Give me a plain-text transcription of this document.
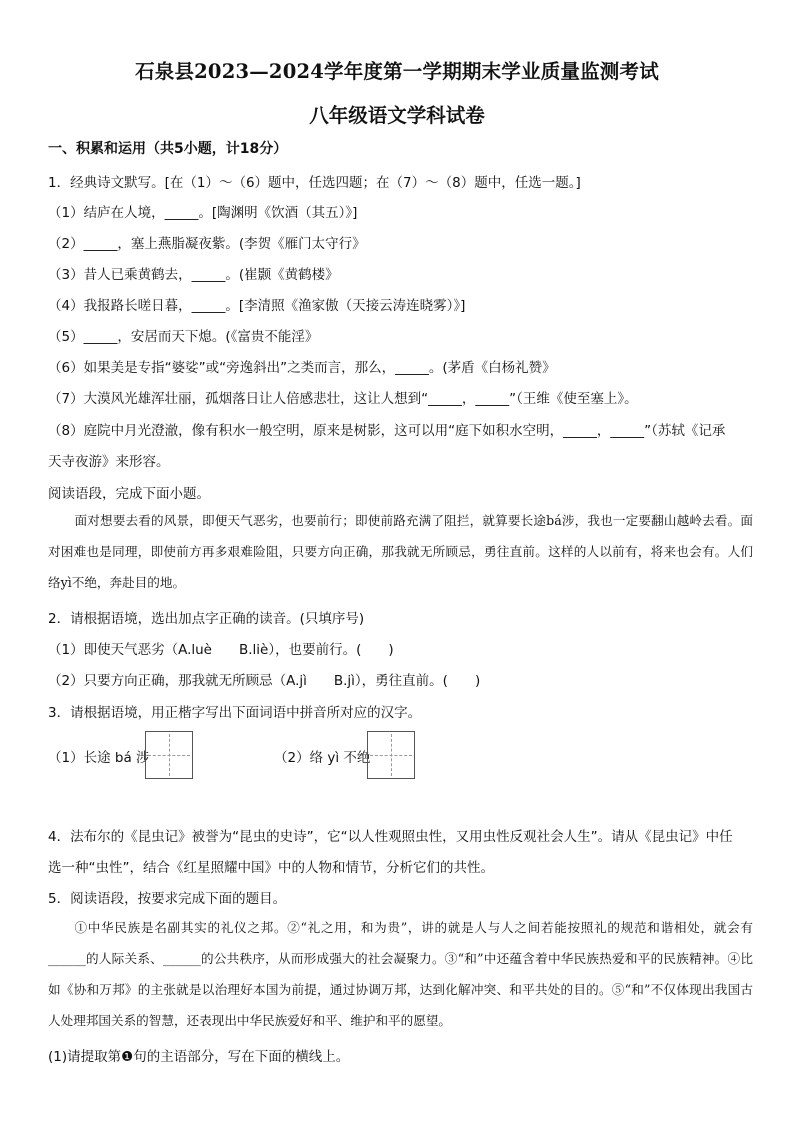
石泉县2023—2024学年度第一学期期末学业质量监测考试
八年级语文学科试卷
一、积累和运用（共5小题，计18分）
1．经典诗文默写。[在（1）～（6）题中，任选四题；在（7）～（8）题中，任选一题。]
（1）结庐在人境，_____。[陶渊明《饮酒（其五）》]
（2）_____，塞上燕脂凝夜紫。(李贺《雁门太守行》
（3）昔人已乘黄鹤去，_____。(崔颢《黄鹤楼》
（4）我报路长嗟日暮，_____。[李清照《渔家傲（天接云涛连晓雾）》]
（5）_____，安居而天下熄。(《富贵不能淫》
（6）如果美是专指“婆娑”或“旁逸斜出”之类而言，那么，_____。(茅盾《白杨礼赞》
（7）大漠风光雄浑壮丽，孤烟落日让人倍感悲壮，这让人想到“_____，_____”（王维《使至塞上》。
（8）庭院中月光澄澈，像有积水一般空明，原来是树影，这可以用“庭下如积水空明，_____，_____”（苏轼《记承
天寺夜游》来形容。
阅读语段，完成下面小题。
面对想要去看的风景，即便天气恶劣，也要前行；即使前路充满了阻拦，就算要长途bá涉，我也一定要翻山越岭去看。面对困难也是同理，即使前方再多艰难险阻，只要方向正确，那我就无所顾忌，勇往直前。这样的人以前有，将来也会有。人们络yì不绝，奔赴目的地。
2．请根据语境，选出加点字正确的读音。(只填序号)
（1）即使天气恶劣（A.luè　　B.liè），也要前行。(　　)
（2）只要方向正确，那我就无所顾忌（A.jì　　B.jì），勇往直前。(　　)
3．请根据语境，用正楷字写出下面词语中拼音所对应的汉字。
（1）长途 bá 涉	（2）络 yì 不绝
4．法布尔的《昆虫记》被誉为“昆虫的史诗”，它“以人性观照虫性，又用虫性反观社会人生”。请从《昆虫记》中任
选一种“虫性”，结合《红星照耀中国》中的人物和情节，分析它们的共性。
5．阅读语段，按要求完成下面的题目。
①中华民族是名副其实的礼仪之邦。②“礼之用，和为贵”，讲的就是人与人之间若能按照礼的规范和谐相处，就会有______的人际关系、______的公共秩序，从而形成强大的社会凝聚力。③“和”中还蕴含着中华民族热爱和平的民族精神。④比如《协和万邦》的主张就是以治理好本国为前提，通过协调万邦，达到化解冲突、和平共处的目的。⑤“和”不仅体现出我国古人处理邦国关系的智慧，还表现出中华民族爱好和平、维护和平的愿望。
(1)请提取第❶句的主语部分，写在下面的横线上。
